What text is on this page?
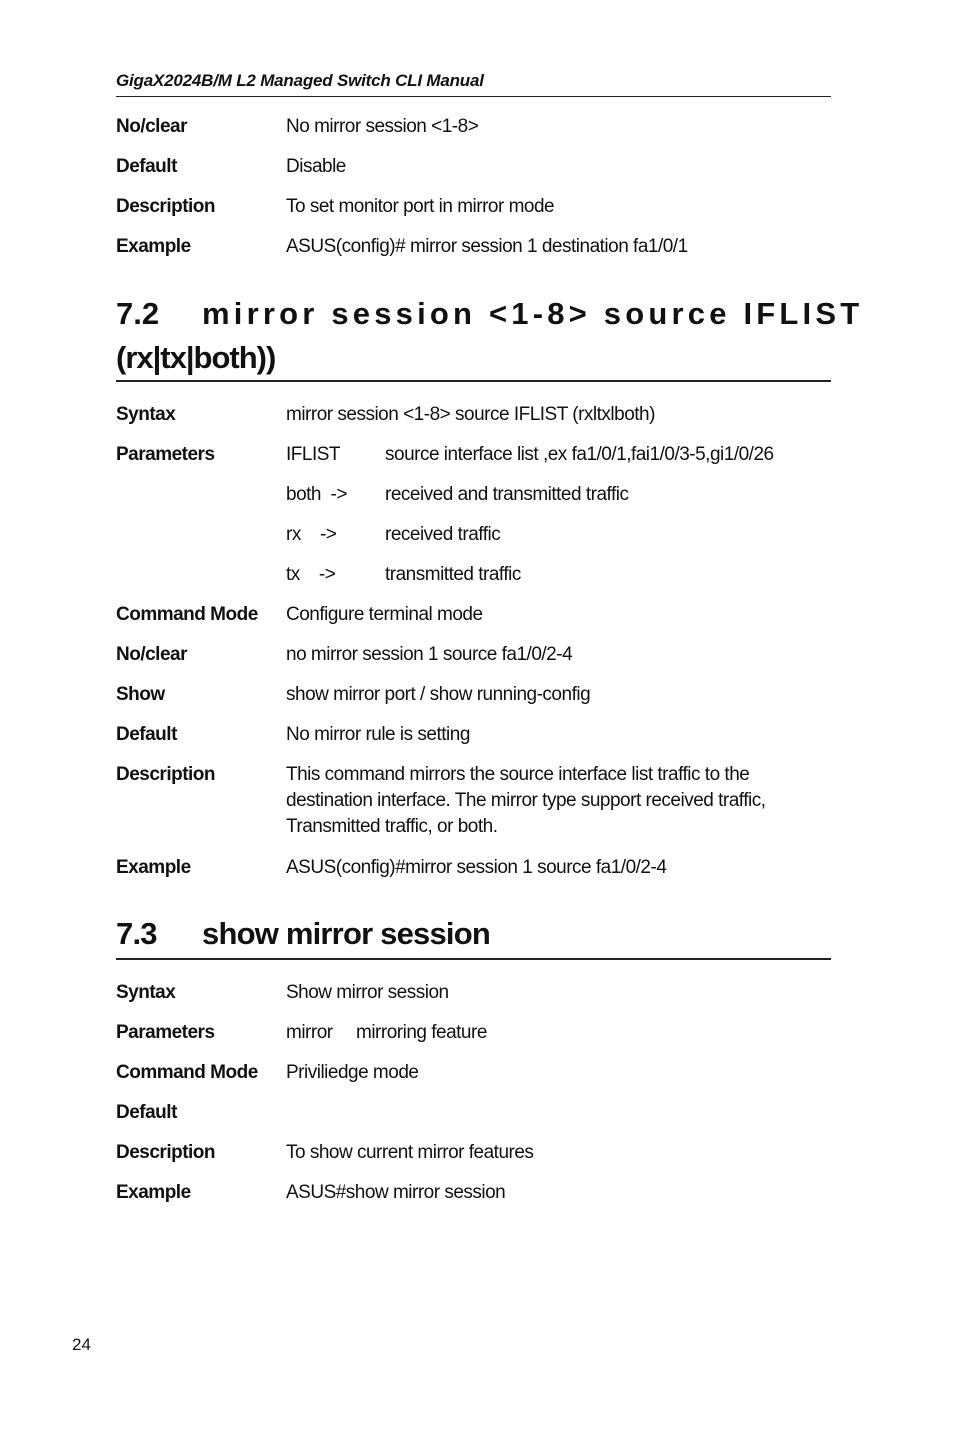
GigaX2024B/M L2 Managed Switch CLI Manual
No/clear	No mirror session <1-8>
Default	Disable
Description	To set monitor port in mirror mode
Example	ASUS(config)# mirror session 1 destination fa1/0/1
7.2 mirror session <1-8> source IFLIST
(rx|tx|both))
Syntax	mirror session <1-8> source IFLIST (rxltxlboth)
Parameters	IFLIST source interface list ,ex fa1/0/1,fai1/0/3-5,gi1/0/26
both  -> received and transmitted traffic
rx    ->	received traffic
tx    ->	transmitted traffic
Command Mode	Configure terminal mode
No/clear	no mirror session 1 source fa1/0/2-4
Show	show mirror port / show running-config
Default	No mirror rule is setting
Description	This command mirrors the source interface list traffic to the
destination interface. The mirror type support received traffic,
Transmitted traffic, or both.
Example	ASUS(config)#mirror session 1 source fa1/0/2-4
7.3 show mirror session
Syntax	Show mirror session
Parameters	mirror mirroring feature
Command Mode	Priviliedge mode
Default
Description	To show current mirror features
Example	ASUS#show mirror session
24
